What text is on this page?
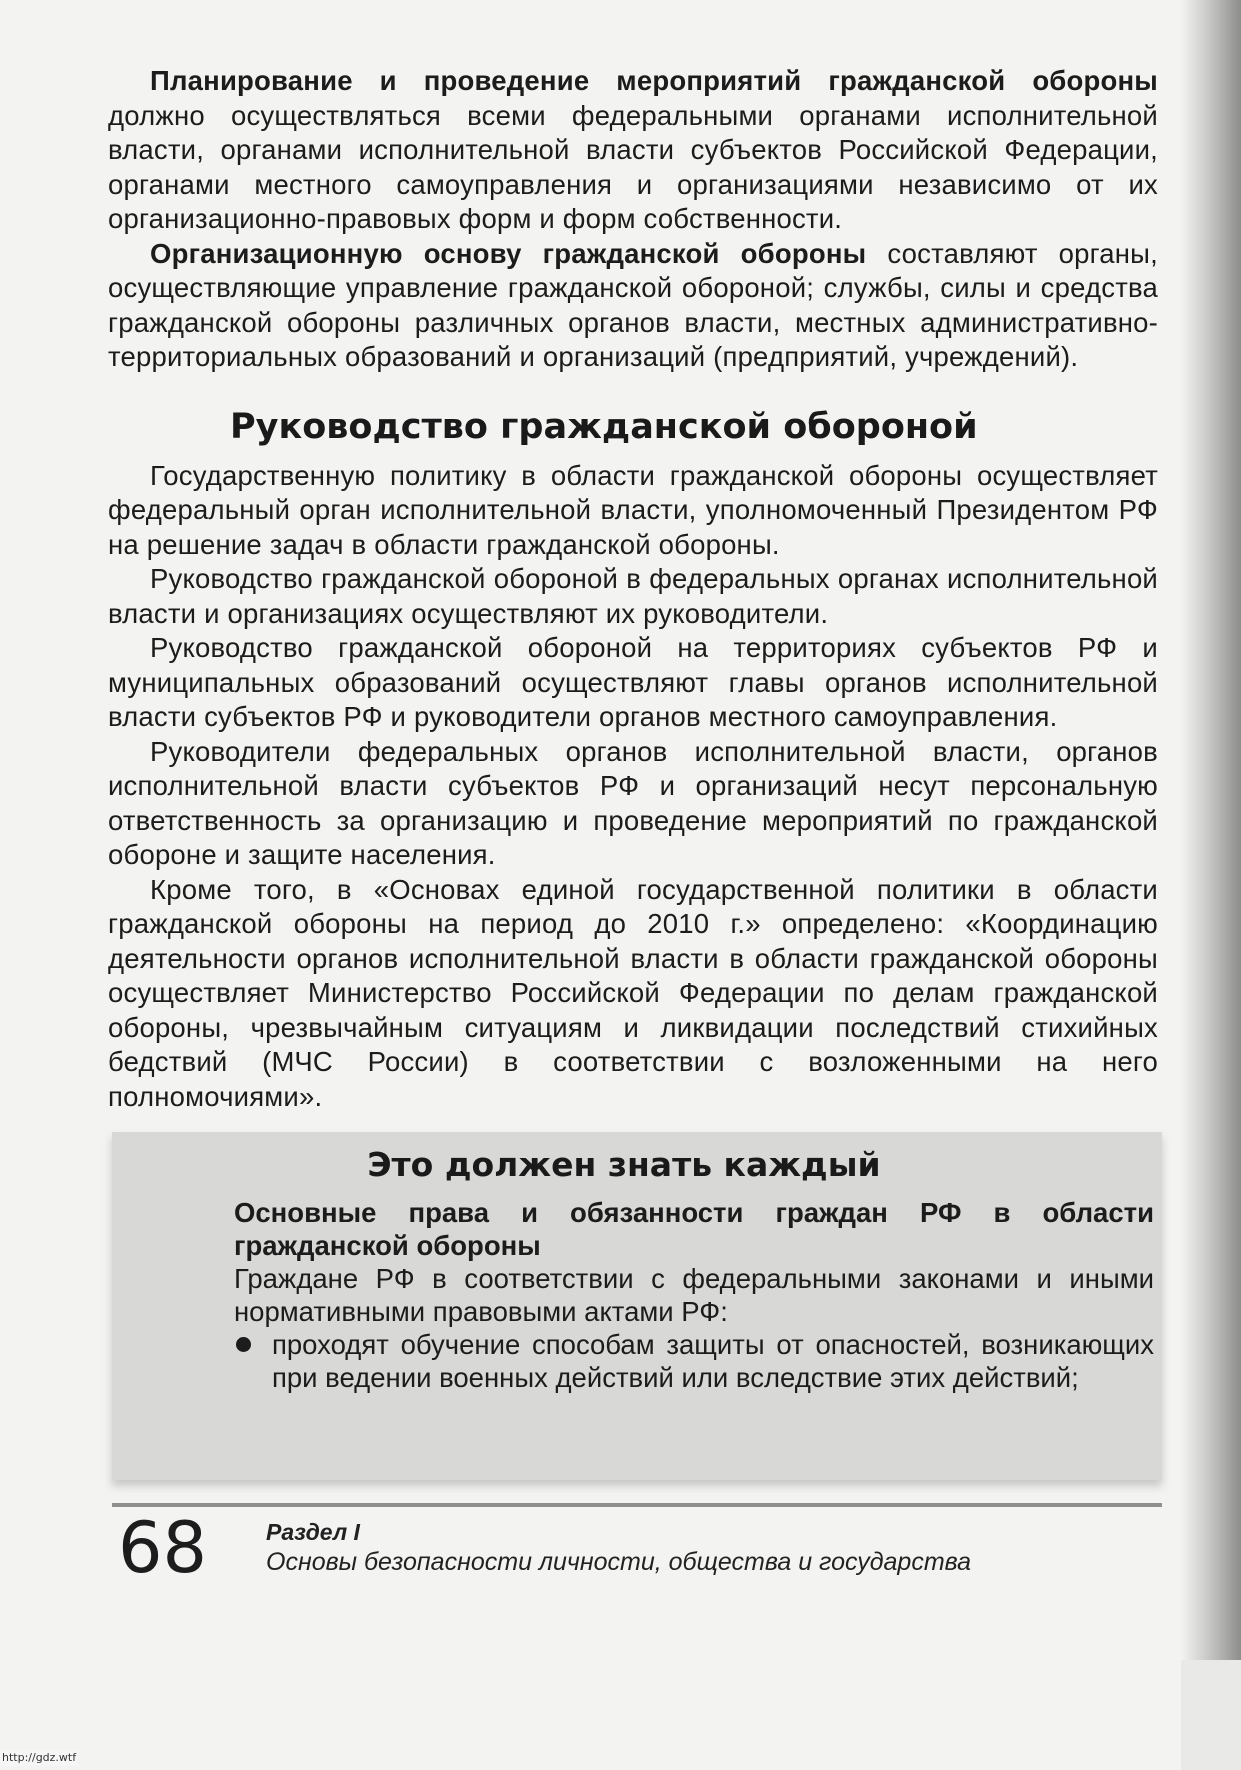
Планирование и проведение мероприятий гражданской обороны должно осуществляться всеми федеральными органами исполнительной власти, органами исполнительной власти субъектов Российской Федерации, органами местного самоуправления и организациями независимо от их организационно-правовых форм и форм собственности.

Организационную основу гражданской обороны составляют органы, осуществляющие управление гражданской обороной; службы, силы и средства гражданской обороны различных органов власти, местных административно-территориальных образований и организаций (предприятий, учреждений).

Руководство гражданской обороной

Государственную политику в области гражданской обороны осуществляет федеральный орган исполнительной власти, уполномоченный Президентом РФ на решение задач в области гражданской обороны.

Руководство гражданской обороной в федеральных органах исполнительной власти и организациях осуществляют их руководители.

Руководство гражданской обороной на территориях субъектов РФ и муниципальных образований осуществляют главы органов исполнительной власти субъектов РФ и руководители органов местного самоуправления.

Руководители федеральных органов исполнительной власти, органов исполнительной власти субъектов РФ и организаций несут персональную ответственность за организацию и проведение мероприятий по гражданской обороне и защите населения.

Кроме того, в «Основах единой государственной политики в области гражданской обороны на период до 2010 г.» определено: «Координацию деятельности органов исполнительной власти в области гражданской обороны осуществляет Министерство Российской Федерации по делам гражданской обороны, чрезвычайным ситуациям и ликвидации последствий стихийных бедствий (МЧС России) в соответствии с возложенными на него полномочиями».

Это должен знать каждый

Основные права и обязанности граждан РФ в области гражданской обороны

Граждане РФ в соответствии с федеральными законами и иными нормативными правовыми актами РФ:

проходят обучение способам защиты от опасностей, возникающих при ведении военных действий или вследствие этих действий;
68	Раздел I
Основы безопасности личности, общества и государства
http://gdz.wtf
